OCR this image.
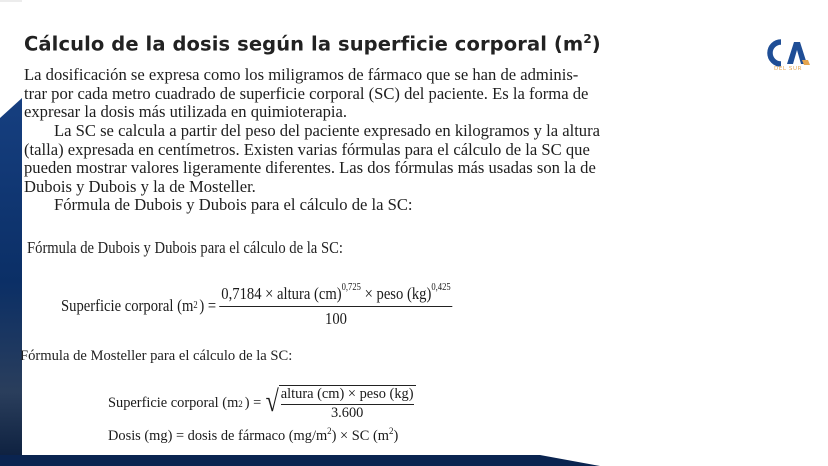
Cálculo de la dosis según la superficie corporal $(m^2)$
La dosificación se expresa como los miligramos de fármaco que se han de adminis-
trar por cada metro cuadrado de superficie corporal (SC) del paciente. Es la forma de
expresar la dosis más utilizada en quimioterapia.
La SC se calcula a partir del peso del paciente expresado en kilogramos y la altura
(talla) expresada en centímetros. Existen varias fórmulas para el cálculo de la SC que
pueden mostrar valores ligeramente diferentes. Las dos fórmulas más usadas son la de
Dubois y Dubois y la de Mosteller.
Fórmula de Dubois y Dubois para el cálculo de la SC:
Fórmula de Dubois y Dubois para el cálculo de la SC:
Superficie corporal (m 2 ) = $\frac{0,7184 \times altura (cm)^{0,725} \times peso (kg)^{0,425}}{100}$
Fórmula de Mosteller para el cálculo de la SC:
Superficie corporal (m 2 ) = √ $\frac{\text{altura (cm) × peso (kg)}}{3.600}$
Dosis (mg) = dosis de fármaco $(mg/m^2)$ × SC $(m^2)$
DEL SUR
